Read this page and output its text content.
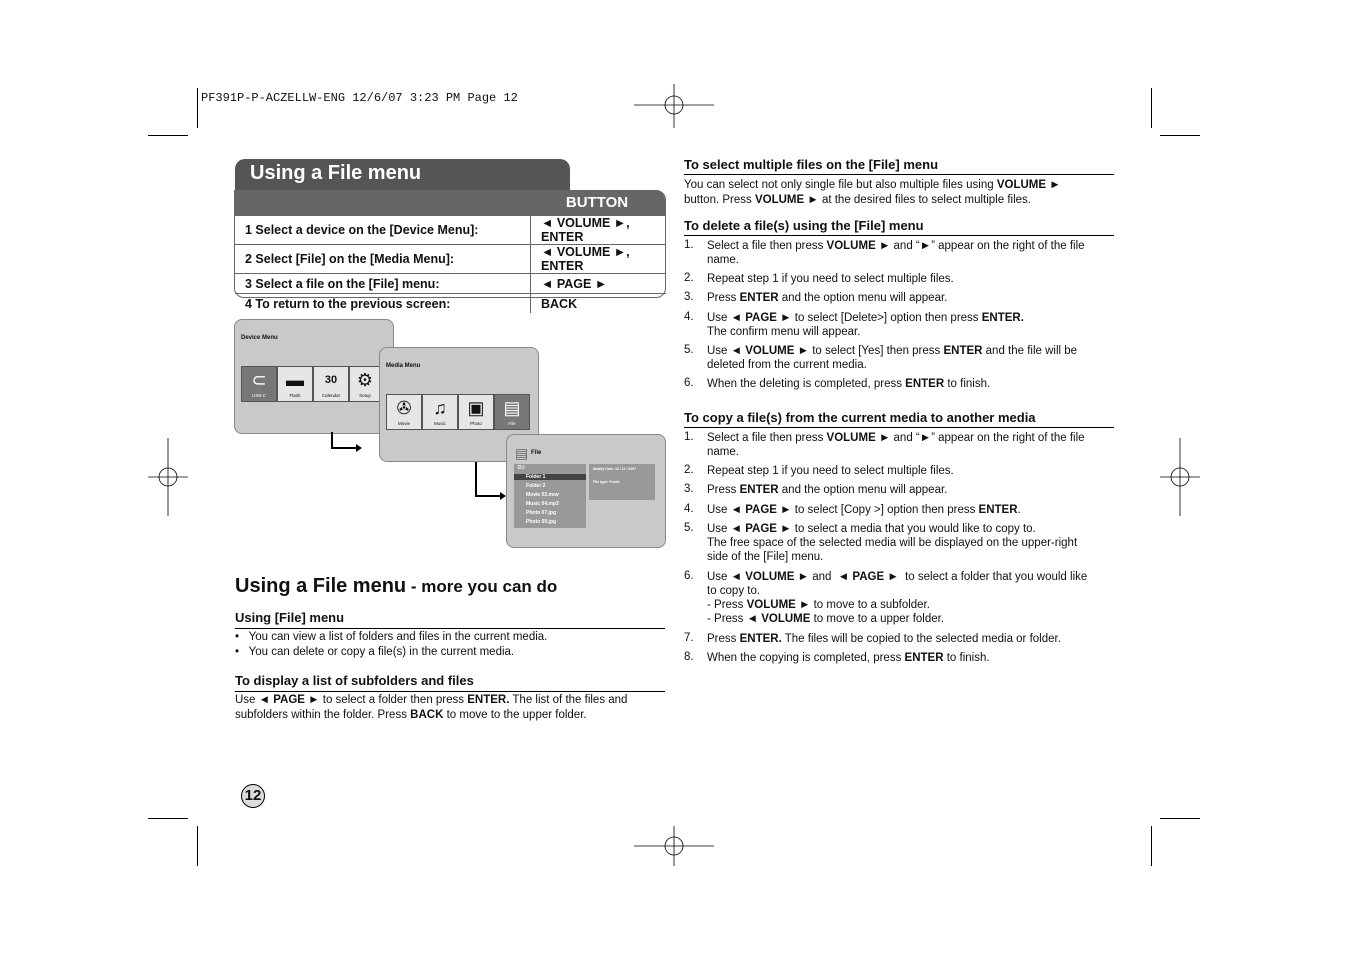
PF391P-P-ACZELLW-ENG 12/6/07 3:23 PM Page 12
Using a File menu
BUTTON
1 Select a device on the [Device Menu]:	◄ VOLUME ►, ENTER
2 Select [File] on the [Media Menu]:	◄ VOLUME ►, ENTER
3 Select a file on the [File] menu:	◄ PAGE ►
4 To return to the previous screen:	BACK
Device Menu
⊂
USB-C
▬
Flash
30
Calendar
⚙
Setup
Media Menu
✇
Movie
♫
Music
▣
Photo
▤
File
▤ File
D:/
Folder 1
Folder 2
Movie 02.mov
Music 04.mp3
Photo 07.jpg
Photo 09.jpg
Modify Date: 12 / 11 / 2007
File type: Folder
Using a File menu - more you can do
Using [File] menu
•   You can view a list of folders and files in the current media.
•   You can delete or copy a file(s) in the current media.
To display a list of subfolders and files
Use ◄ PAGE ► to select a folder then press ENTER. The list of the files and
subfolders within the folder. Press BACK to move to the upper folder.
To select multiple files on the [File] menu
You can select not only single file but also multiple files using VOLUME ►
button. Press VOLUME ► at the desired files to select multiple files.
To delete a file(s) using the [File] menu
1. Select a file then press VOLUME ► and “►” appear on the right of the file
name.
2. Repeat step 1 if you need to select multiple files.
3. Press ENTER and the option menu will appear.
4. Use ◄ PAGE ► to select [Delete>] option then press ENTER.
The confirm menu will appear.
5. Use ◄ VOLUME ► to select [Yes] then press ENTER and the file will be
deleted from the current media.
6. When the deleting is completed, press ENTER to finish.
To copy a file(s) from the current media to another media
1. Select a file then press VOLUME ► and “►” appear on the right of the file
name.
2. Repeat step 1 if you need to select multiple files.
3. Press ENTER and the option menu will appear.
4. Use ◄ PAGE ► to select [Copy >] option then press ENTER.
5. Use ◄ PAGE ► to select a media that you would like to copy to.
The free space of the selected media will be displayed on the upper-right
side of the [File] menu.
6. Use ◄ VOLUME ► and  ◄ PAGE ►  to select a folder that you would like
to copy to.
- Press VOLUME ► to move to a subfolder.
- Press ◄ VOLUME to move to a upper folder.
7. Press ENTER. The files will be copied to the selected media or folder.
8. When the copying is completed, press ENTER to finish.
12
